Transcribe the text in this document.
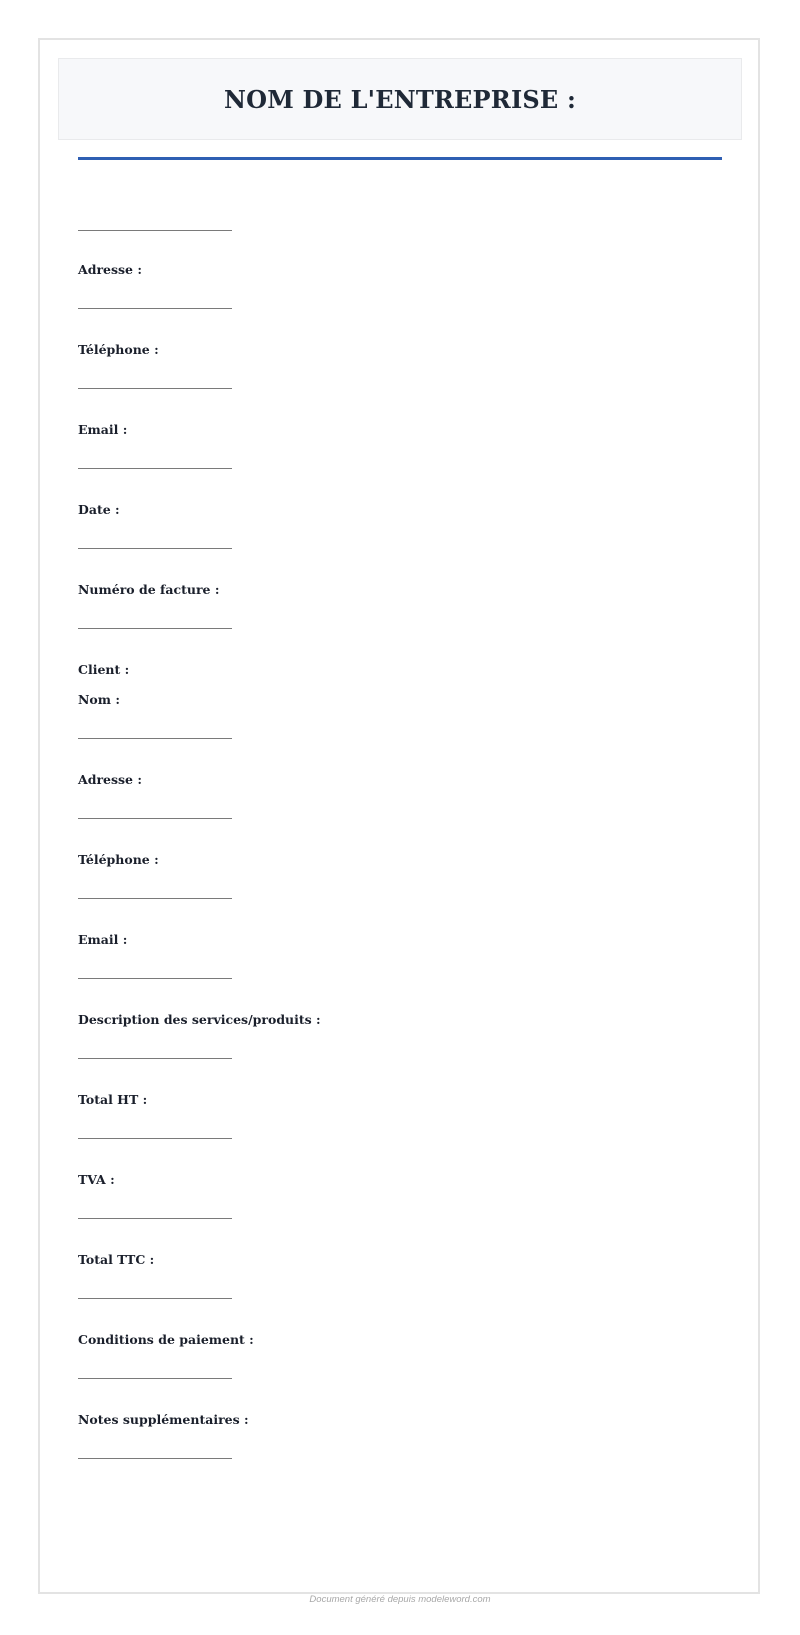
NOM DE L'ENTREPRISE :
Adresse :
Téléphone :
Email :
Date :
Numéro de facture :
Client :
Nom :
Adresse :
Téléphone :
Email :
Description des services/produits :
Total HT :
TVA :
Total TTC :
Conditions de paiement :
Notes supplémentaires :
Document généré depuis modeleword.com
